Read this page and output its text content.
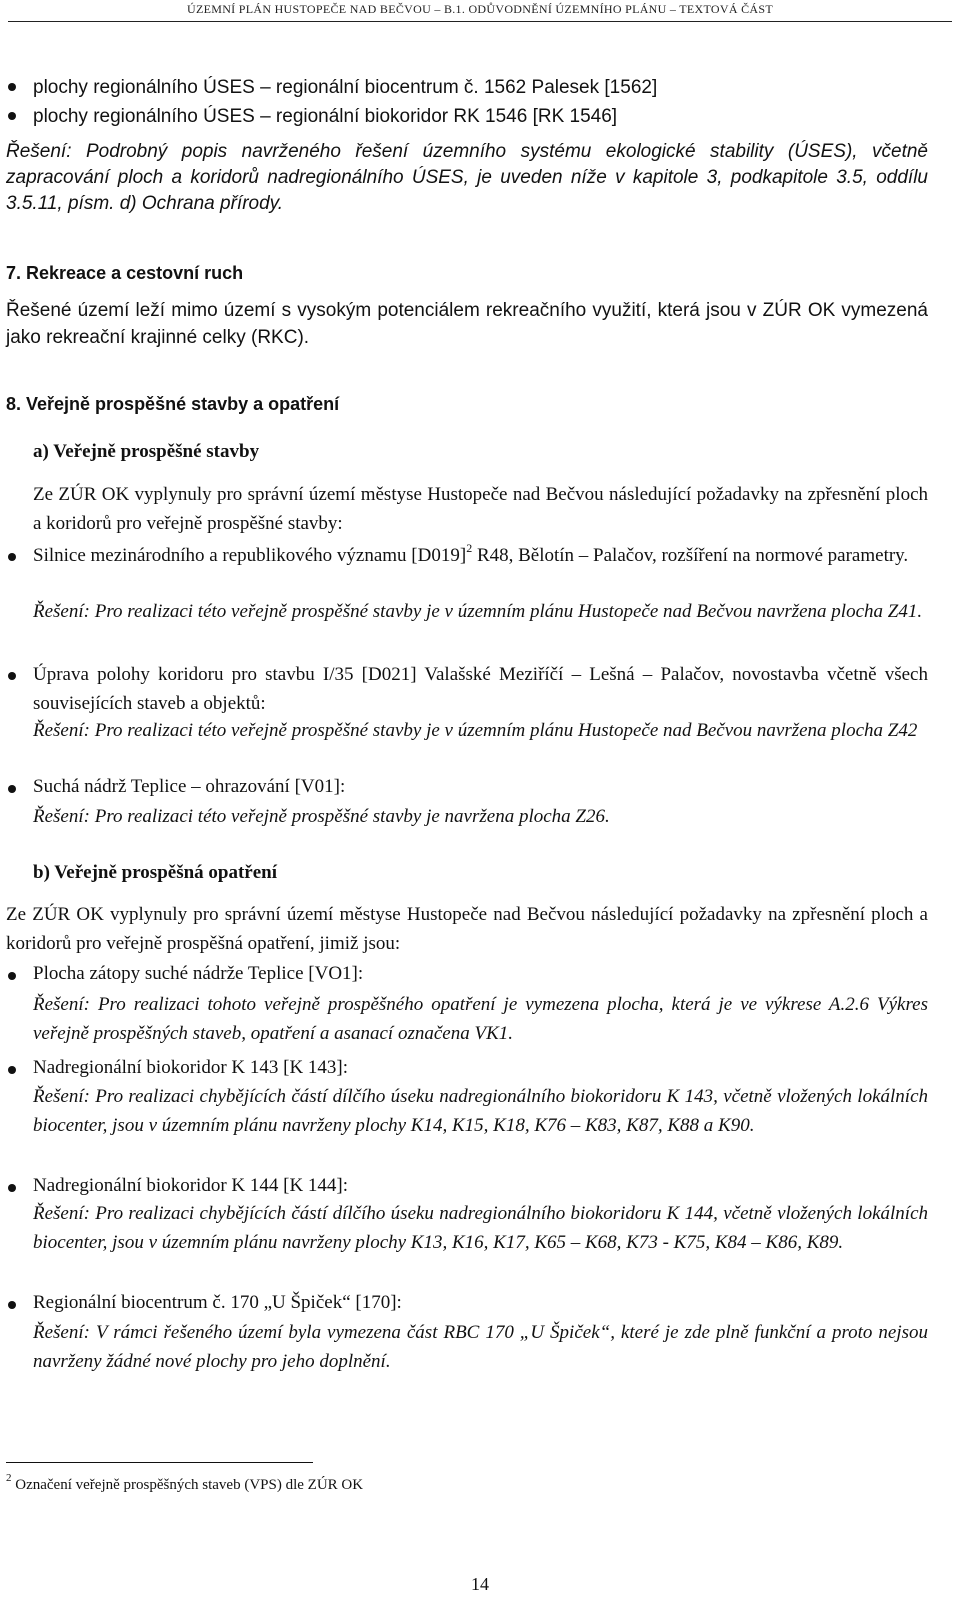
ÚZEMNÍ PLÁN HUSTOPEČE NAD BEČVOU – B.1. ODŮVODNĚNÍ ÚZEMNÍHO PLÁNU – TEXTOVÁ ČÁST
plochy regionálního ÚSES – regionální biocentrum č. 1562 Palesek [1562]
plochy regionálního ÚSES – regionální biokoridor RK 1546 [RK 1546]
Řešení: Podrobný popis navrženého řešení územního systému ekologické stability (ÚSES), včetně zapracování ploch a koridorů nadregionálního ÚSES, je uveden níže v kapitole 3, podkapitole 3.5, oddílu 3.5.11, písm. d) Ochrana přírody.
7. Rekreace a cestovní ruch
Řešené území leží mimo území s vysokým potenciálem rekreačního využití, která jsou v ZÚR OK vymezená jako rekreační krajinné celky (RKC).
8. Veřejně prospěšné stavby a opatření
a) Veřejně prospěšné stavby
Ze ZÚR OK vyplynuly pro správní území městyse Hustopeče nad Bečvou následující požadavky na zpřesnění ploch a koridorů pro veřejně prospěšné stavby:
Silnice mezinárodního a republikového významu $[D019]^2$ R48, Bělotín – Palačov, rozšíření na normové parametry.
Řešení: Pro realizaci této veřejně prospěšné stavby je v územním plánu Hustopeče nad Bečvou navržena plocha Z41.
Úprava polohy koridoru pro stavbu I/35 [D021] Valašské Meziříčí – Lešná – Palačov, novostavba včetně všech souvisejících staveb a objektů:
Řešení: Pro realizaci této veřejně prospěšné stavby je v územním plánu Hustopeče nad Bečvou navržena plocha Z42
Suchá nádrž Teplice – ohrazování [V01]:
Řešení: Pro realizaci této veřejně prospěšné stavby je navržena plocha Z26.
b) Veřejně prospěšná opatření
Ze ZÚR OK vyplynuly pro správní území městyse Hustopeče nad Bečvou následující požadavky na zpřesnění ploch a koridorů pro veřejně prospěšná opatření, jimiž jsou:
Plocha zátopy suché nádrže Teplice [VO1]:
Řešení: Pro realizaci tohoto veřejně prospěšného opatření je vymezena plocha, která je ve výkrese A.2.6 Výkres veřejně prospěšných staveb, opatření a asanací označena VK1.
Nadregionální biokoridor K 143 [K 143]:
Řešení: Pro realizaci chybějících částí dílčího úseku nadregionálního biokoridoru K 143, včetně vložených lokálních biocenter, jsou v územním plánu navrženy plochy K14, K15, K18, K76 – K83, K87, K88 a K90.
Nadregionální biokoridor K 144 [K 144]:
Řešení: Pro realizaci chybějících částí dílčího úseku nadregionálního biokoridoru K 144, včetně vložených lokálních biocenter, jsou v územním plánu navrženy plochy K13, K16, K17, K65 – K68, K73 - K75, K84 – K86, K89.
Regionální biocentrum č. 170 „U Špiček“ [170]:
Řešení: V rámci řešeného území byla vymezena část RBC 170 „U Špiček“, které je zde plně funkční a proto nejsou navrženy žádné nové plochy pro jeho doplnění.
$^2$ Označení veřejně prospěšných staveb (VPS) dle ZÚR OK
14
